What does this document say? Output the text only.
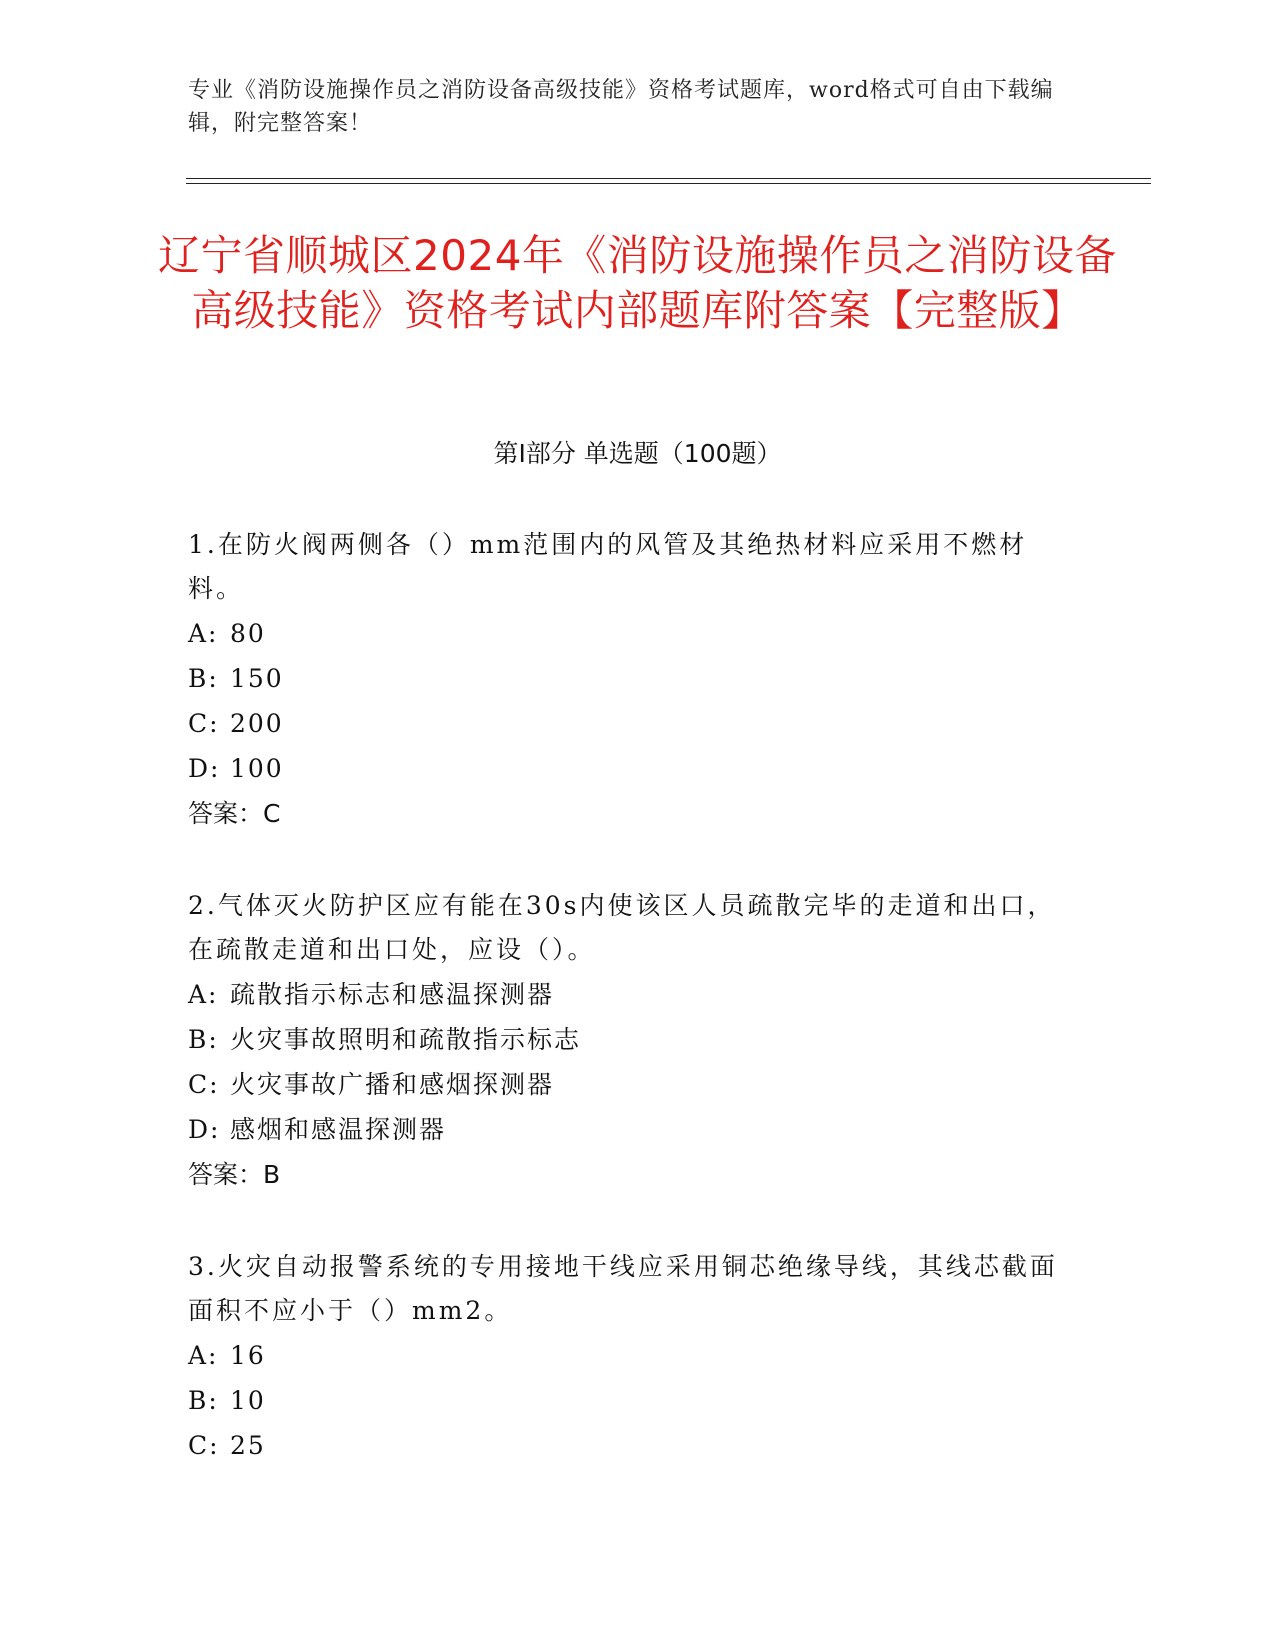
专业《消防设施操作员之消防设备高级技能》资格考试题库，word格式可自由下载编辑，附完整答案！
辽宁省顺城区2024年《消防设施操作员之消防设备高级技能》资格考试内部题库附答案【完整版】
第Ⅰ部分 单选题（100题）

1.在防火阀两侧各（）mm范围内的风管及其绝热材料应采用不燃材料。

A: 80

B: 150

C: 200

D: 100

答案：C

2.气体灭火防护区应有能在30s内使该区人员疏散完毕的走道和出口，在疏散走道和出口处，应设（）。

A: 疏散指示标志和感温探测器

B: 火灾事故照明和疏散指示标志

C: 火灾事故广播和感烟探测器

D: 感烟和感温探测器

答案：B

3.火灾自动报警系统的专用接地干线应采用铜芯绝缘导线，其线芯截面面积不应小于（）mm2。

A: 16

B: 10

C: 25
